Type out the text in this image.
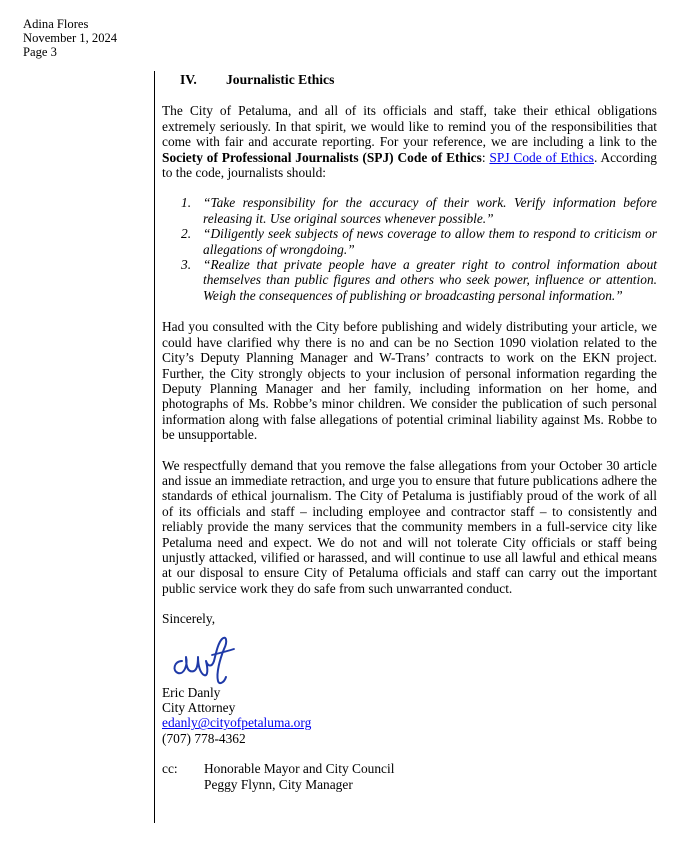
Adina Flores
November 1, 2024
Page 3
IV. Journalistic Ethics

The City of Petaluma, and all of its officials and staff, take their ethical obligations extremely seriously. In that spirit, we would like to remind you of the responsibilities that come with fair and accurate reporting. For your reference, we are including a link to the Society of Professional Journalists (SPJ) Code of Ethics: SPJ Code of Ethics. According to the code, journalists should:

1. “Take responsibility for the accuracy of their work. Verify information before releasing it. Use original sources whenever possible.”
2. “Diligently seek subjects of news coverage to allow them to respond to criticism or allegations of wrongdoing.”
3. “Realize that private people have a greater right to control information about themselves than public figures and others who seek power, influence or attention. Weigh the consequences of publishing or broadcasting personal information.”

Had you consulted with the City before publishing and widely distributing your article, we could have clarified why there is no and can be no Section 1090 violation related to the City’s Deputy Planning Manager and W-Trans’ contracts to work on the EKN project. Further, the City strongly objects to your inclusion of personal information regarding the Deputy Planning Manager and her family, including information on her home, and photographs of Ms. Robbe’s minor children. We consider the publication of such personal information along with false allegations of potential criminal liability against Ms. Robbe to be unsupportable.

We respectfully demand that you remove the false allegations from your October 30 article and issue an immediate retraction, and urge you to ensure that future publications adhere the standards of ethical journalism. The City of Petaluma is justifiably proud of the work of all of its officials and staff – including employee and contractor staff – to consistently and reliably provide the many services that the community members in a full-service city like Petaluma need and expect. We do not and will not tolerate City officials or staff being unjustly attacked, vilified or harassed, and will continue to use all lawful and ethical means at our disposal to ensure City of Petaluma officials and staff can carry out the important public service work they do safe from such unwarranted conduct.

Sincerely,

Eric Danly
City Attorney
edanly@cityofpetaluma.org
(707) 778-4362
cc:	Honorable Mayor and City Council
Peggy Flynn, City Manager
